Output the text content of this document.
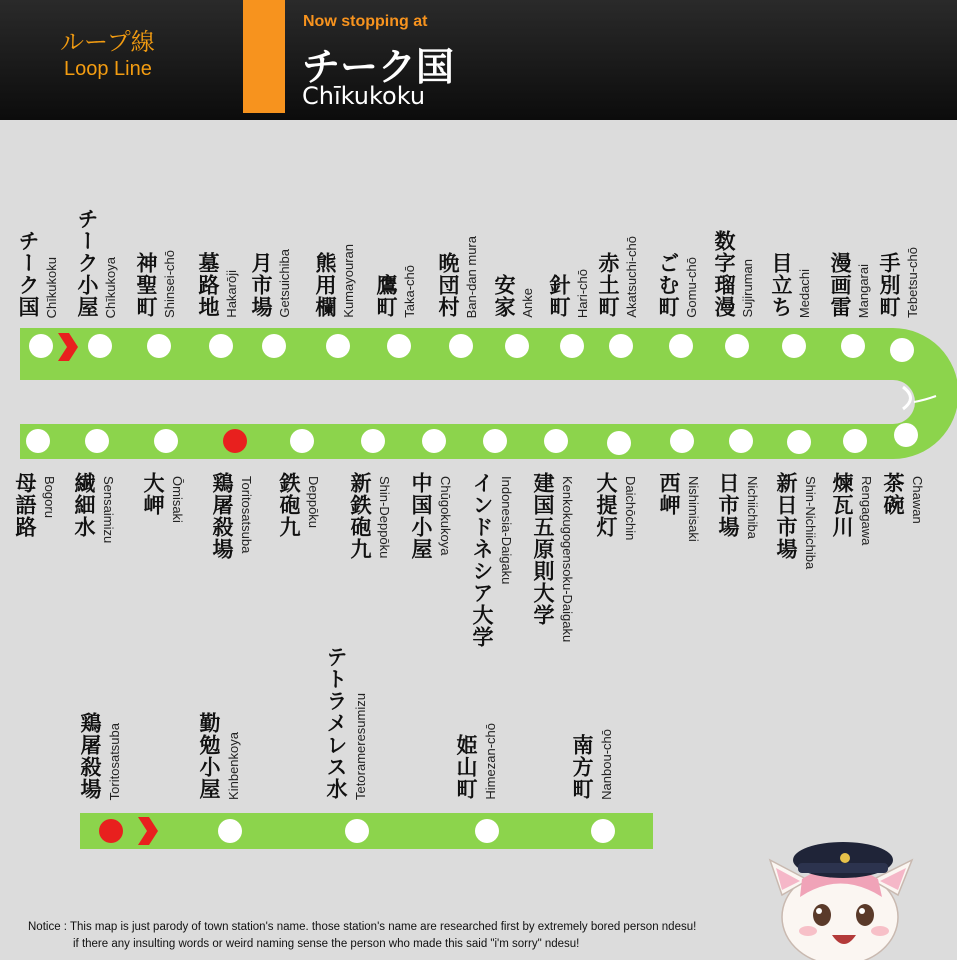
ループ線
Loop Line
Now stopping at
チーク国
Chīkukoku
チーク国 Chīkukoku チーク小屋 Chīkukoya 神聖町 Shinsei-chō 墓路地 Hakarōji 月市場 Getsuichiba 熊用欄 Kumayouran 鷹町 Taka-chō 晩団村 Ban-dan mura 安家 Anke 針町 Hari-chō 赤土町 Akatsuchi-chō ごむ町 Gomu-chō 数字瑠漫 Sujiruman 目立ち Medachi 漫画雷 Mangarai 手別町 Tebetsu-chō
母語路 Bogoru 繊細水 Sensaimizu 大岬 Ōmisaki 鶏屠殺場 Toritosatsuba 鉄砲九 Deppōku 新鉄砲九 Shin-Deppōku 中国小屋 Chūgokukoya インドネシア大学 Indonesia-Daigaku 建国五原則大学 Kenkokugogensoku-Daigaku 大提灯 Daichōchin 西岬 Nishimisaki 日市場 Nichiichiba 新日市場 Shin-Nichiichiba 煉瓦川 Rengagawa 茶碗 Chawan
鶏屠殺場 Toritosatsuba	勤勉小屋 Kinbenkoya	テトラメレス水 Tetorameresumizu	姫山町 Himezan-chō	南方町 Nanbou-chō
Notice : This map is just parody of town station's name. those station's name are researched first by extremely bored person ndesu!
if there any insulting words or weird naming sense the person who made this said "i'm sorry" ndesu!
